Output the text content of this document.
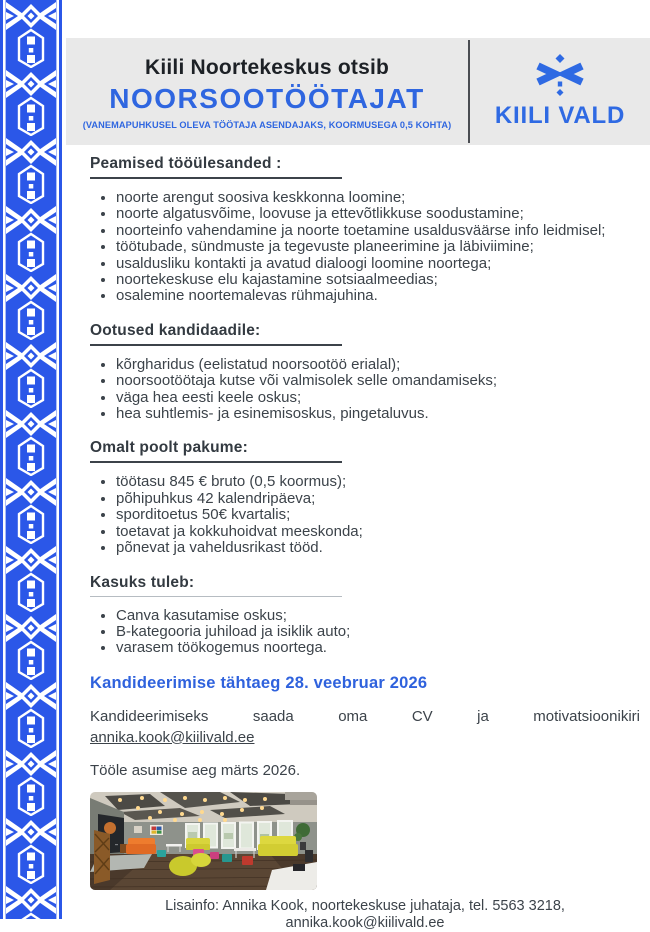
Kiili Noortekeskus otsib
NOORSOOTÖÖTAJAT
(VANEMAPUHKUSEL OLEVA TÖÖTAJA ASENDAJAKS, KOORMUSEGA 0,5 KOHTA) KIILI VALD
Peamised tööülesanded :
• noorte arengut soosiva keskkonna loomine;
• noorte algatusvõime, loovuse ja ettevõtlikkuse soodustamine;
• noorteinfo vahendamine ja noorte toetamine usaldusväärse info leidmisel;
• töötubade, sündmuste ja tegevuste planeerimine ja läbiviimine;
• usaldusliku kontakti ja avatud dialoogi loomine noortega;
• noortekeskuse elu kajastamine sotsiaalmeedias;
• osalemine noortemalevas rühmajuhina.
Ootused kandidaadile:
• kõrgharidus (eelistatud noorsootöö erialal);
• noorsootöötaja kutse või valmisolek selle omandamiseks;
• väga hea eesti keele oskus;
• hea suhtlemis- ja esinemisoskus, pingetaluvus.
Omalt poolt pakume:
• töötasu 845 € bruto (0,5 koormus);
• põhipuhkus 42 kalendripäeva;
• sporditoetus 50€ kvartalis;
• toetavat ja kokkuhoidvat meeskonda;
• põnevat ja vaheldusrikast tööd.
Kasuks tuleb:
• Canva kasutamise oskus;
• B-kategooria juhiload ja isiklik auto;
• varasem töökogemus noortega.
Kandideerimise tähtaeg 28. veebruar 2026
Kandideerimiseks saada oma CV ja motivatsioonikiri
annika.kook@kiilivald.ee
Tööle asumise aeg märts 2026.
Lisainfo: Annika Kook, noortekeskuse juhataja, tel. 5563 3218,
annika.kook@kiilivald.ee
